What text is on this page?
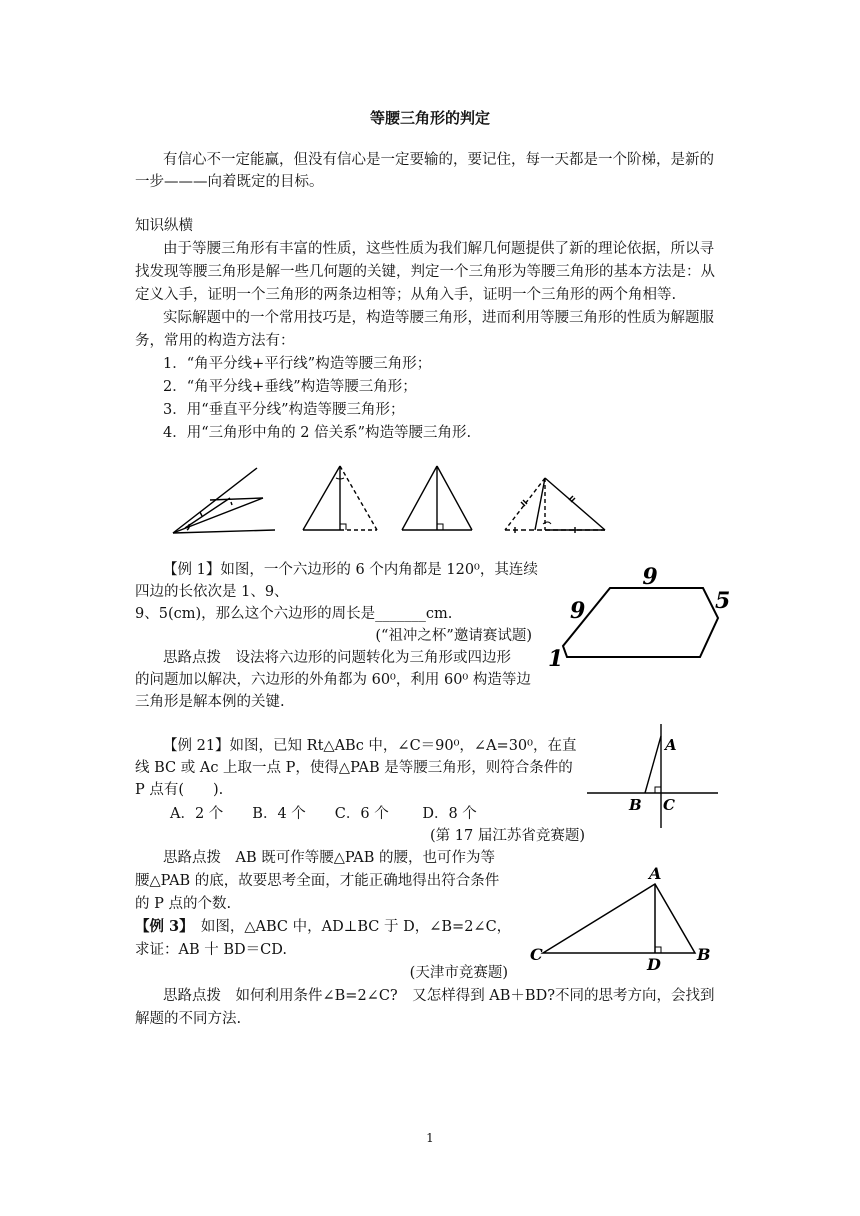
等腰三角形的判定
有信心不一定能赢，但没有信心是一定要输的，要记住，每一天都是一个阶梯，是新的
一步———向着既定的目标。
知识纵横
由于等腰三角形有丰富的性质，这些性质为我们解几何题提供了新的理论依据，所以寻
找发现等腰三角形是解一些几何题的关键，判定一个三角形为等腰三角形的基本方法是：从
定义入手，证明一个三角形的两条边相等；从角入手，证明一个三角形的两个角相等.
实际解题中的一个常用技巧是，构造等腰三角形，进而利用等腰三角形的性质为解题服
务，常用的构造方法有：
1．“角平分线+平行线”构造等腰三角形；
2．“角平分线+垂线”构造等腰三角形；
3．用“垂直平分线”构造等腰三角形；
4．用“三角形中角的 2 倍关系”构造等腰三角形.
【例 1】如图，一个六边形的 6 个内角都是 120⁰，其连续
四边的长依次是 1、9、
9、5(cm)，那么这个六边形的周长是_______cm.
(“祖冲之杯”邀请赛试题)
思路点拨　设法将六边形的问题转化为三角形或四边形
的问题加以解决，六边形的外角都为 60⁰，利用 60⁰ 构造等边
三角形是解本例的关键.
9
5
9
1
【例 21】如图，已知 Rt△ABc 中，∠C＝90⁰，∠A=30⁰，在直
线 BC 或 Ac 上取一点 P，使得△PAB 是等腰三角形，则符合条件的
P 点有(　　).
A．2 个　　B．4 个　　C．6 个　　 D．8 个
(第 17 届江苏省竞赛题)
思路点拨　AB 既可作等腰△PAB 的腰，也可作为等
腰△PAB 的底，故要思考全面，才能正确地得出符合条件
的 P 点的个数.
A
B C
【例 3】　如图，△ABC 中，AD⊥BC 于 D，∠B=2∠C，
求证：AB 十 BD＝CD.
(天津市竞赛题)
思路点拨　如何利用条件∠B=2∠C?　又怎样得到 AB＋BD?不同的思考方向，会找到
解题的不同方法.
A
C	B
D
1
